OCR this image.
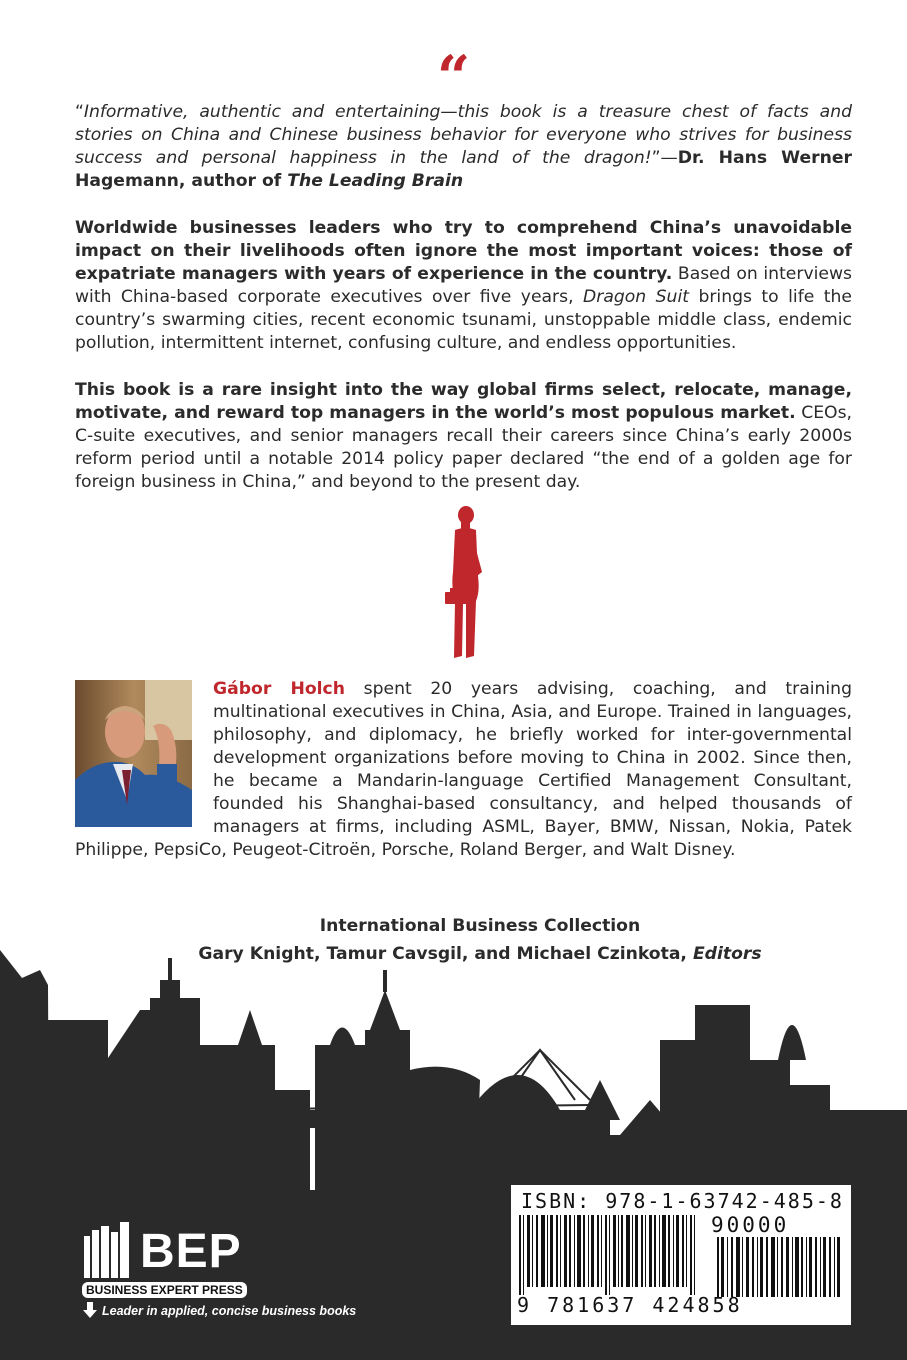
“
“Informative, authentic and entertaining—this book is a treasure chest of facts and stories on China and Chinese business behavior for everyone who strives for business success and personal happiness in the land of the dragon!”—Dr. Hans Werner Hagemann, author of The Leading Brain
Worldwide businesses leaders who try to comprehend China’s unavoidable impact on their livelihoods often ignore the most important voices: those of expatriate managers with years of experience in the country. Based on interviews with China-based corporate executives over five years, Dragon Suit brings to life the country’s swarming cities, recent economic tsunami, unstoppable middle class, endemic pollution, intermittent internet, confusing culture, and endless opportunities.
This book is a rare insight into the way global firms select, relocate, manage, motivate, and reward top managers in the world’s most populous market. CEOs, C-suite executives, and senior managers recall their careers since China’s early 2000s reform period until a notable 2014 policy paper declared “the end of a golden age for foreign business in China,” and beyond to the present day.
Gábor Holch spent 20 years advising, coaching, and training multinational executives in China, Asia, and Europe. Trained in languages, philosophy, and diplomacy, he briefly worked for inter-governmental development organizations before moving to China in 2002. Since then, he became a Mandarin-language Certified Management Consultant, founded his Shanghai-based consultancy, and helped thousands of managers at firms, including ASML, Bayer, BMW, Nissan, Nokia, Patek Philippe, PepsiCo, Peugeot-Citroën, Porsche, Roland Berger, and Walt Disney.
International Business Collection
Gary Knight, Tamur Cavsgil, and Michael Czinkota, Editors
ISBN: 978-1-63742-485-8
90000
9 781637 424858
BEP
BUSINESS EXPERT PRESS
Leader in applied, concise business books
